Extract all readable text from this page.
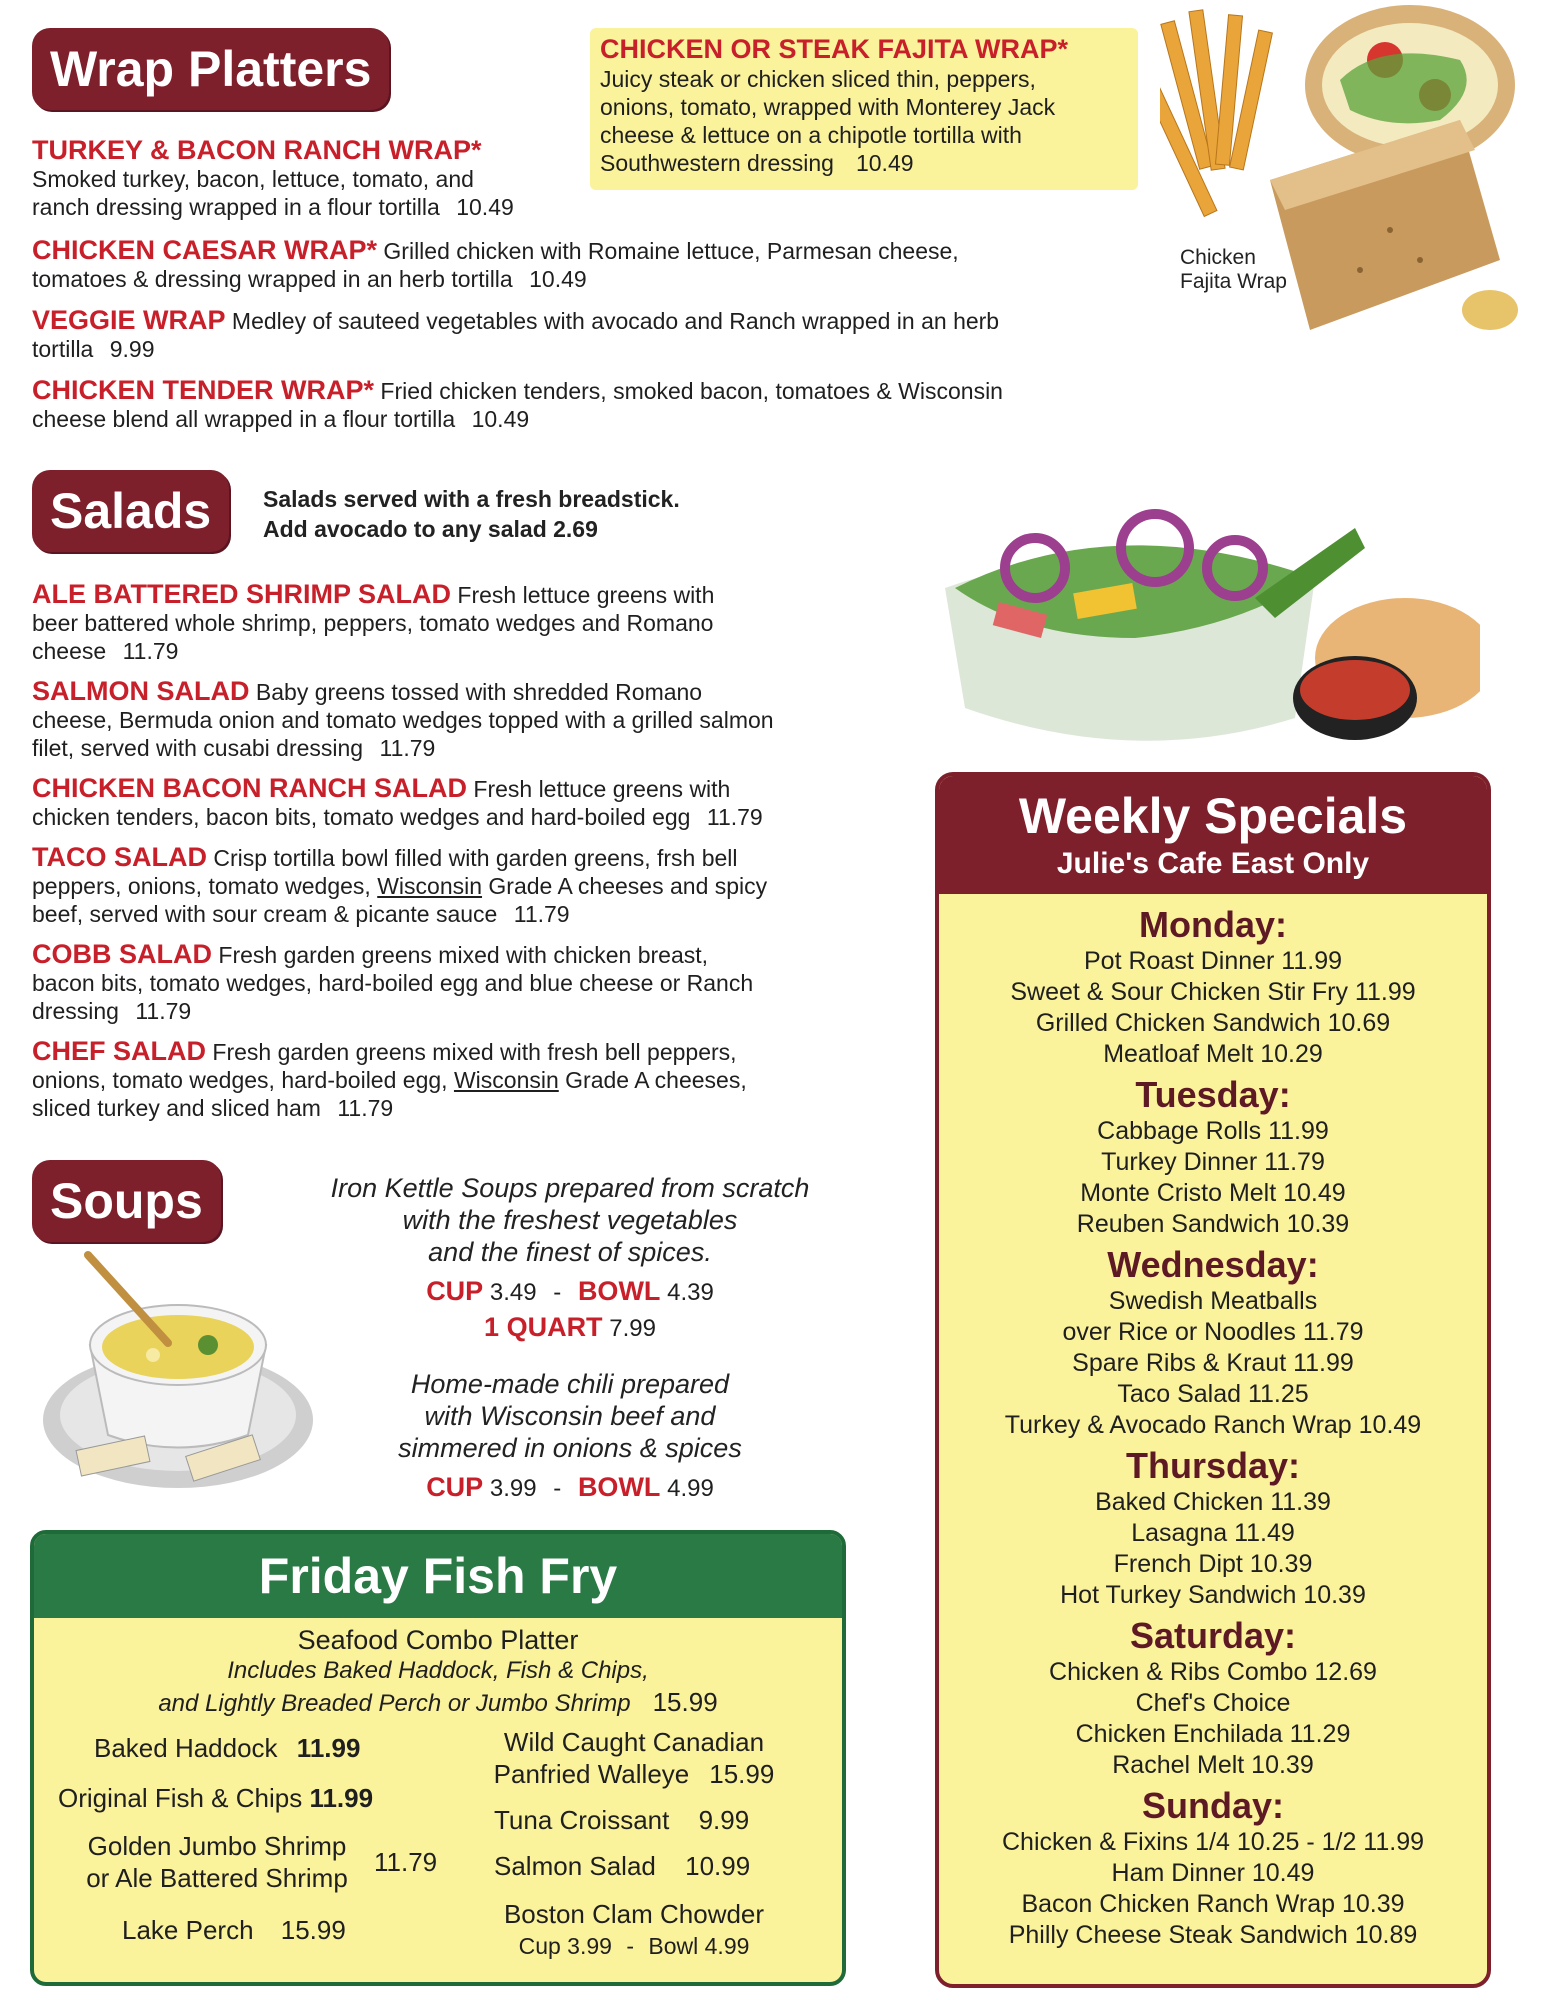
Wrap Platters
TURKEY & BACON RANCH WRAP*
Smoked turkey, bacon, lettuce, tomato, and
ranch dressing wrapped in a flour tortilla 10.49
CHICKEN CAESAR WRAP* Grilled chicken with Romaine lettuce, Parmesan cheese,
tomatoes & dressing wrapped in an herb tortilla 10.49
VEGGIE WRAP Medley of sauteed vegetables with avocado and Ranch wrapped in an herb
tortilla 9.99
CHICKEN TENDER WRAP* Fried chicken tenders, smoked bacon, tomatoes & Wisconsin
cheese blend all wrapped in a flour tortilla 10.49
CHICKEN OR STEAK FAJITA WRAP*
Juicy steak or chicken sliced thin, peppers,
onions, tomato, wrapped with Monterey Jack
cheese & lettuce on a chipotle tortilla with
Southwestern dressing 10.49
Chicken
Fajita Wrap
Salads	Salads served with a fresh breadstick.
Add avocado to any salad 2.69
ALE BATTERED SHRIMP SALAD Fresh lettuce greens with
beer battered whole shrimp, peppers, tomato wedges and Romano
cheese 11.79
SALMON SALAD Baby greens tossed with shredded Romano
cheese, Bermuda onion and tomato wedges topped with a grilled salmon
filet, served with cusabi dressing 11.79
CHICKEN BACON RANCH SALAD Fresh lettuce greens with
chicken tenders, bacon bits, tomato wedges and hard-boiled egg 11.79
TACO SALAD Crisp tortilla bowl filled with garden greens, frsh bell
peppers, onions, tomato wedges, Wisconsin Grade A cheeses and spicy
beef, served with sour cream & picante sauce 11.79
COBB SALAD Fresh garden greens mixed with chicken breast,
bacon bits, tomato wedges, hard-boiled egg and blue cheese or Ranch
dressing 11.79
CHEF SALAD Fresh garden greens mixed with fresh bell peppers,
onions, tomato wedges, hard-boiled egg, Wisconsin Grade A cheeses,
sliced turkey and sliced ham 11.79
Soups	Iron Kettle Soups prepared from scratch
with the freshest vegetables
and the finest of spices.
CUP 3.49 - BOWL 4.39
1 QUART 7.99
Home-made chili prepared
with Wisconsin beef and
simmered in onions & spices
CUP 3.99 - BOWL 4.99
Friday Fish Fry
Seafood Combo Platter
Includes Baked Haddock, Fish & Chips,
and Lightly Breaded Perch or Jumbo Shrimp 15.99
Baked Haddock 11.99
Original Fish & Chips 11.99
Golden Jumbo Shrimp
or Ale Battered Shrimp
11.79
Lake Perch 15.99
Wild Caught Canadian
Panfried Walleye 15.99
Tuna Croissant 9.99
Salmon Salad 10.99
Boston Clam Chowder
Cup 3.99 - Bowl 4.99
Weekly Specials
Julie's Cafe East Only
Monday:
Pot Roast Dinner 11.99
Sweet & Sour Chicken Stir Fry 11.99
Grilled Chicken Sandwich 10.69
Meatloaf Melt 10.29
Tuesday:
Cabbage Rolls 11.99
Turkey Dinner 11.79
Monte Cristo Melt 10.49
Reuben Sandwich 10.39
Wednesday:
Swedish Meatballs
over Rice or Noodles 11.79
Spare Ribs & Kraut 11.99
Taco Salad 11.25
Turkey & Avocado Ranch Wrap 10.49
Thursday:
Baked Chicken 11.39
Lasagna 11.49
French Dipt 10.39
Hot Turkey Sandwich 10.39
Saturday:
Chicken & Ribs Combo 12.69
Chef's Choice
Chicken Enchilada 11.29
Rachel Melt 10.39
Sunday:
Chicken & Fixins 1/4 10.25 - 1/2 11.99
Ham Dinner 10.49
Bacon Chicken Ranch Wrap 10.39
Philly Cheese Steak Sandwich 10.89
